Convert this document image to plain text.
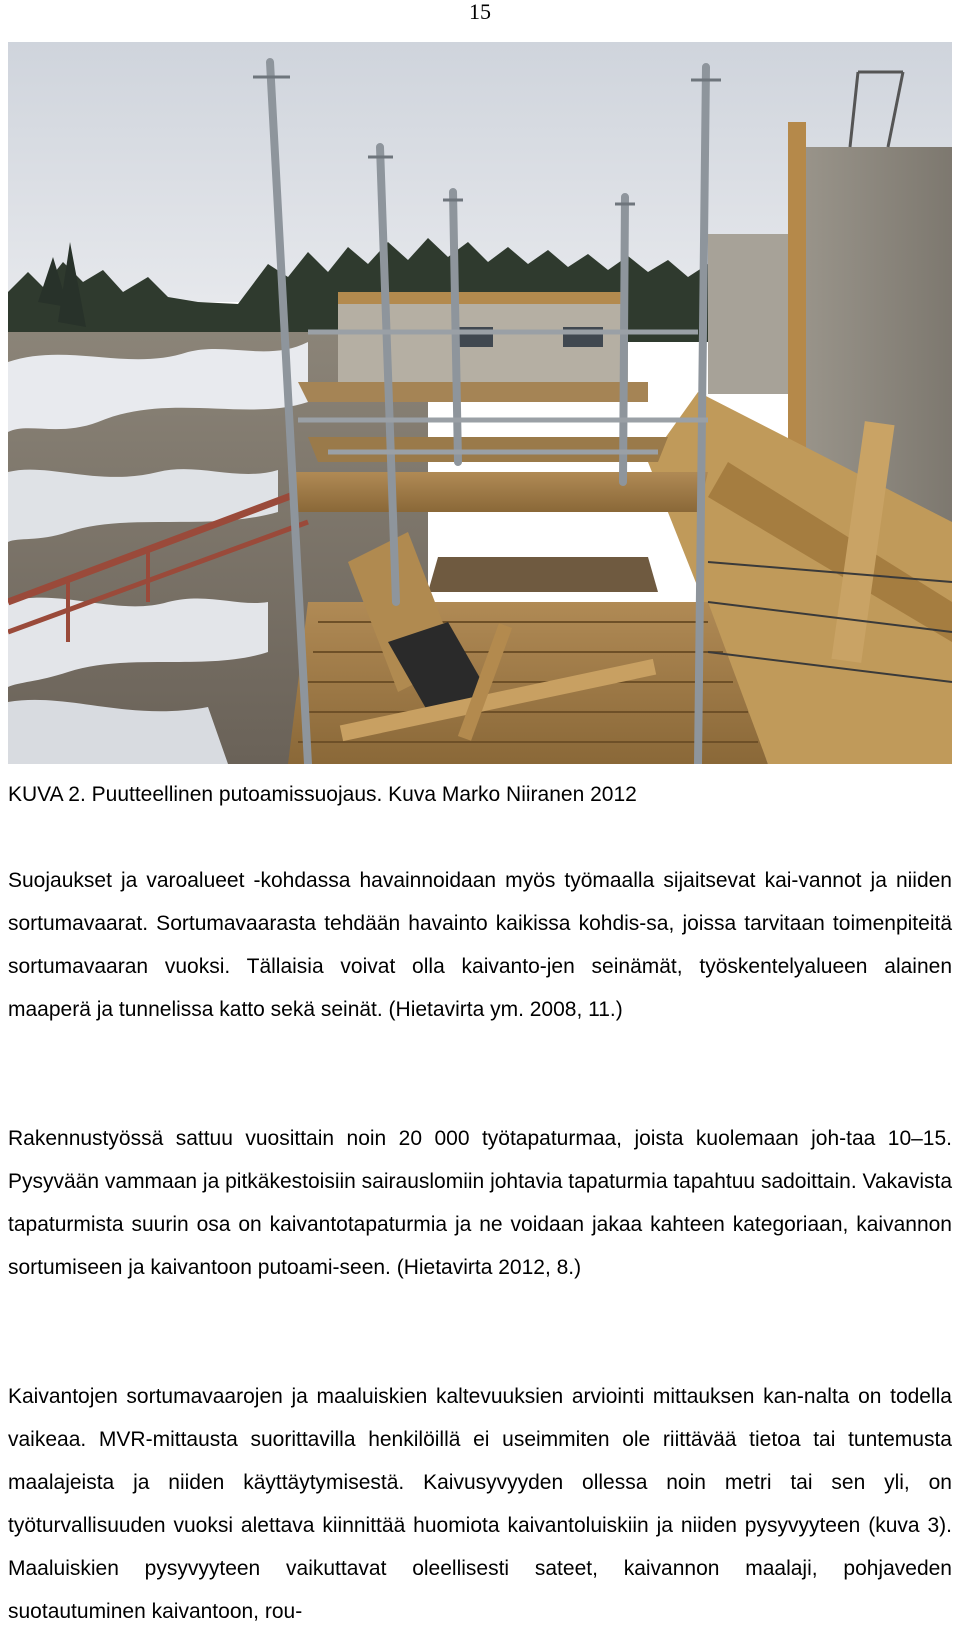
15
KUVA 2. Puutteellinen putoamissuojaus. Kuva Marko Niiranen 2012

Suojaukset ja varoalueet -kohdassa havainnoidaan myös työmaalla sijaitsevat kai-vannot ja niiden sortumavaarat. Sortumavaarasta tehdään havainto kaikissa kohdis-sa, joissa tarvitaan toimenpiteitä sortumavaaran vuoksi. Tällaisia voivat olla kaivanto-jen seinämät, työskentelyalueen alainen maaperä ja tunnelissa katto sekä seinät. (Hietavirta ym. 2008, 11.)

Rakennustyössä sattuu vuosittain noin 20 000 työtapaturmaa, joista kuolemaan joh-taa 10–15. Pysyvään vammaan ja pitkäkestoisiin sairauslomiin johtavia tapaturmia tapahtuu sadoittain. Vakavista tapaturmista suurin osa on kaivantotapaturmia ja ne voidaan jakaa kahteen kategoriaan, kaivannon sortumiseen ja kaivantoon putoami-seen. (Hietavirta 2012, 8.)

Kaivantojen sortumavaarojen ja maaluiskien kaltevuuksien arviointi mittauksen kan-nalta on todella vaikeaa. MVR-mittausta suorittavilla henkilöillä ei useimmiten ole riittävää tietoa tai tuntemusta maalajeista ja niiden käyttäytymisestä. Kaivusyvyyden ollessa noin metri tai sen yli, on työturvallisuuden vuoksi alettava kiinnittää huomiota kaivantoluiskiin ja niiden pysyvyyteen (kuva 3). Maaluiskien pysyvyyteen vaikuttavat oleellisesti sateet, kaivannon maalaji, pohjaveden suotautuminen kaivantoon, rou-
